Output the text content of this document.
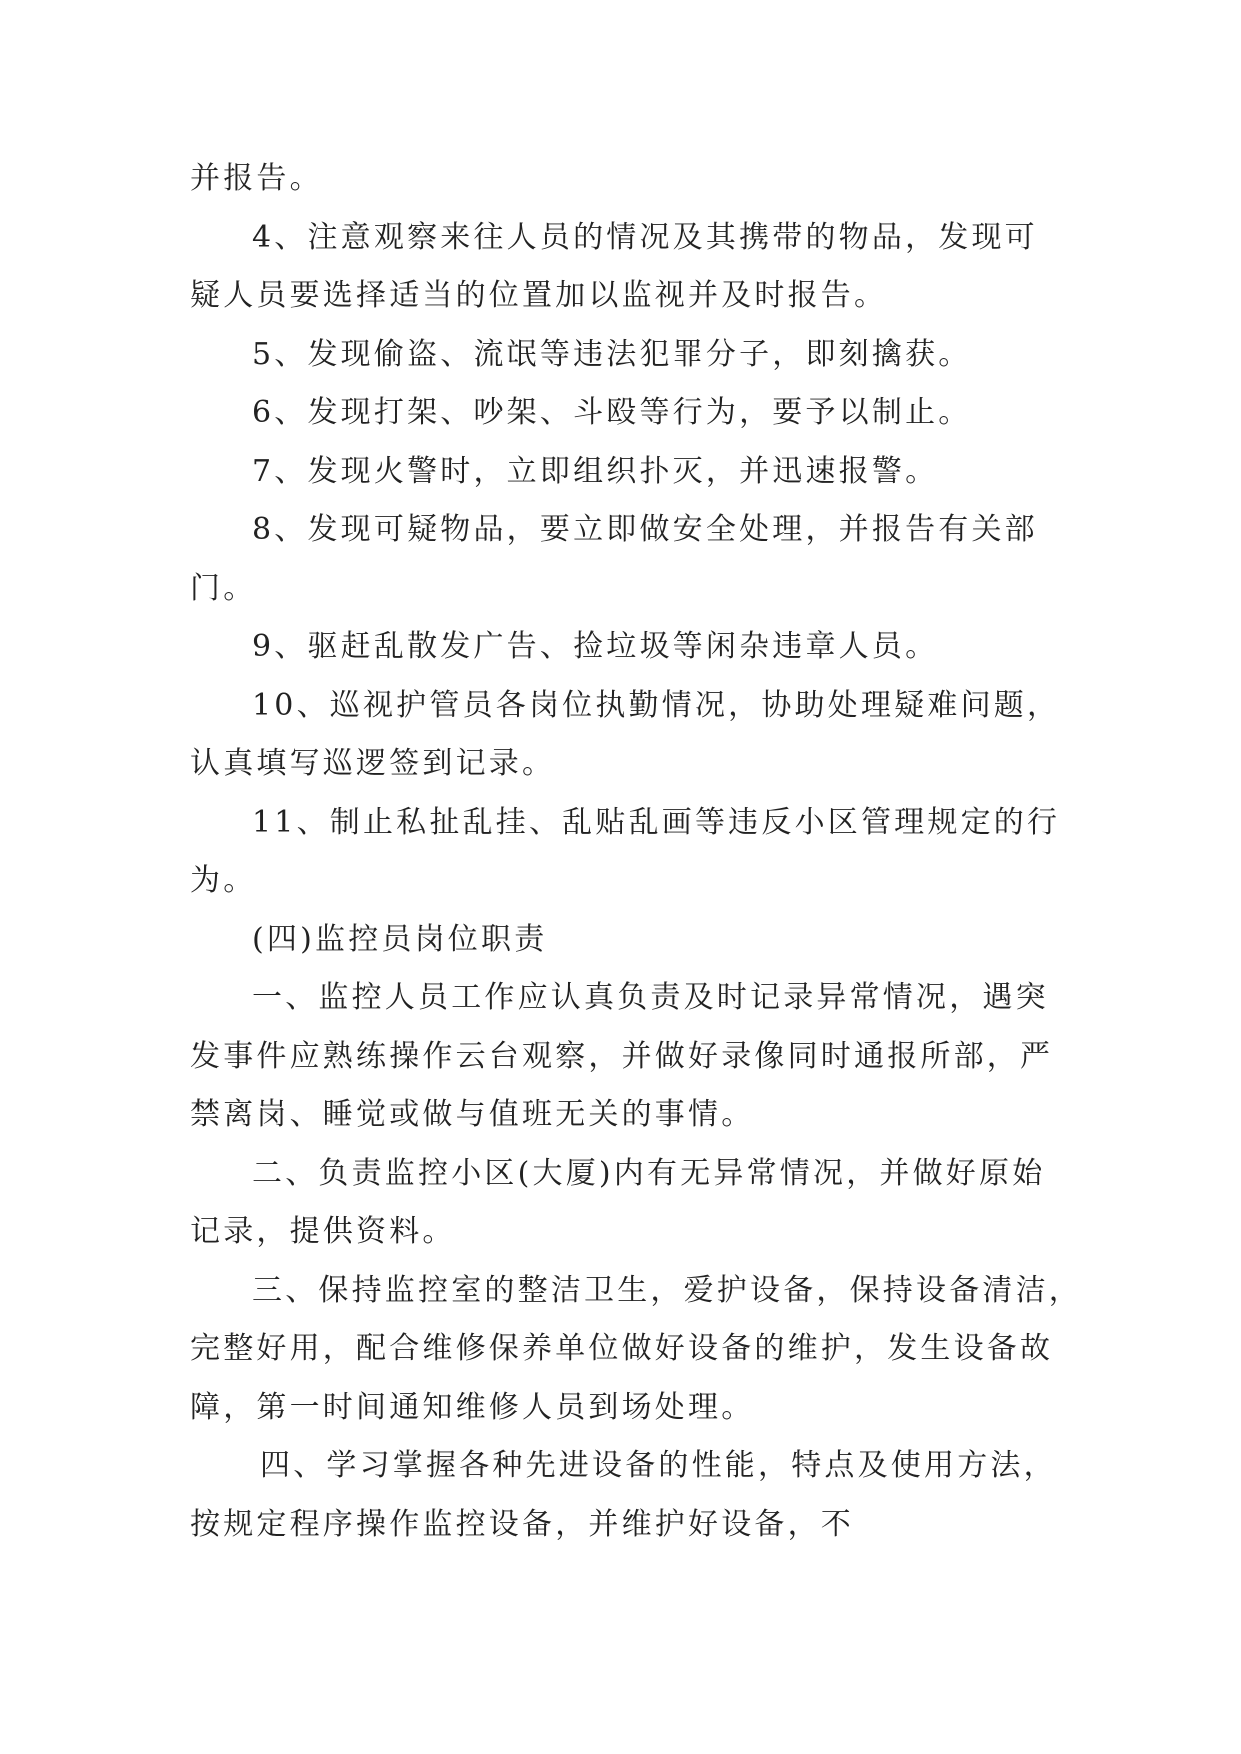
并报告。
4、注意观察来往人员的情况及其携带的物品，发现可
疑人员要选择适当的位置加以监视并及时报告。
5、发现偷盗、流氓等违法犯罪分子，即刻擒获。
6、发现打架、吵架、斗殴等行为，要予以制止。
7、发现火警时，立即组织扑灭，并迅速报警。
8、发现可疑物品，要立即做安全处理，并报告有关部
门。
9、驱赶乱散发广告、捡垃圾等闲杂违章人员。
10、巡视护管员各岗位执勤情况，协助处理疑难问题，
认真填写巡逻签到记录。
11、制止私扯乱挂、乱贴乱画等违反小区管理规定的行
为。
(四)监控员岗位职责
一、监控人员工作应认真负责及时记录异常情况，遇突
发事件应熟练操作云台观察，并做好录像同时通报所部，严
禁离岗、睡觉或做与值班无关的事情。
二、负责监控小区(大厦)内有无异常情况，并做好原始
记录，提供资料。
三、保持监控室的整洁卫生，爱护设备，保持设备清洁，
完整好用，配合维修保养单位做好设备的维护，发生设备故
障，第一时间通知维修人员到场处理。
四、学习掌握各种先进设备的性能，特点及使用方法，
按规定程序操作监控设备，并维护好设备，不
